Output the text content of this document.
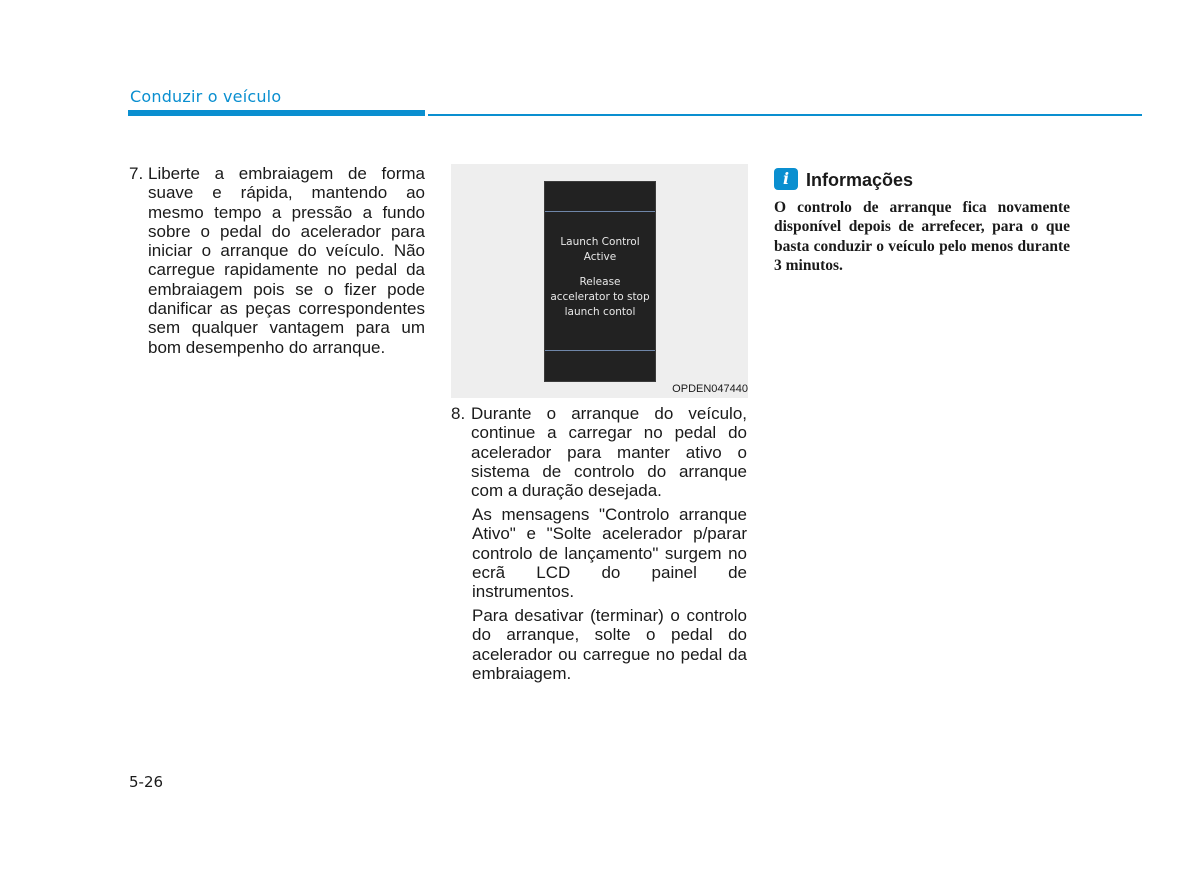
Conduzir o veículo
7. Liberte a embraiagem de forma suave e rápida, mantendo ao mesmo tempo a pressão a fundo sobre o pedal do acelerador para iniciar o arranque do veículo. Não carregue rapidamente no pedal da embraiagem pois se o fizer pode danificar as peças correspondentes sem qualquer vantagem para um bom desempenho do arranque.

Launch Control
Active
Release
accelerator to stop
launch contol
OPDEN047440
8. Durante o arranque do veículo, continue a carregar no pedal do acelerador para manter ativo o sistema de controlo do arranque com a duração desejada.

As mensagens "Controlo arranque Ativo" e "Solte acelerador p/parar controlo de lançamento" surgem no ecrã LCD do painel de instrumentos.

Para desativar (terminar) o controlo do arranque, solte o pedal do acelerador ou carregue no pedal da embraiagem.

i Informações

O controlo de arranque fica novamente disponível depois de arrefecer, para o que basta conduzir o veículo pelo menos durante 3 minutos.

5-26
